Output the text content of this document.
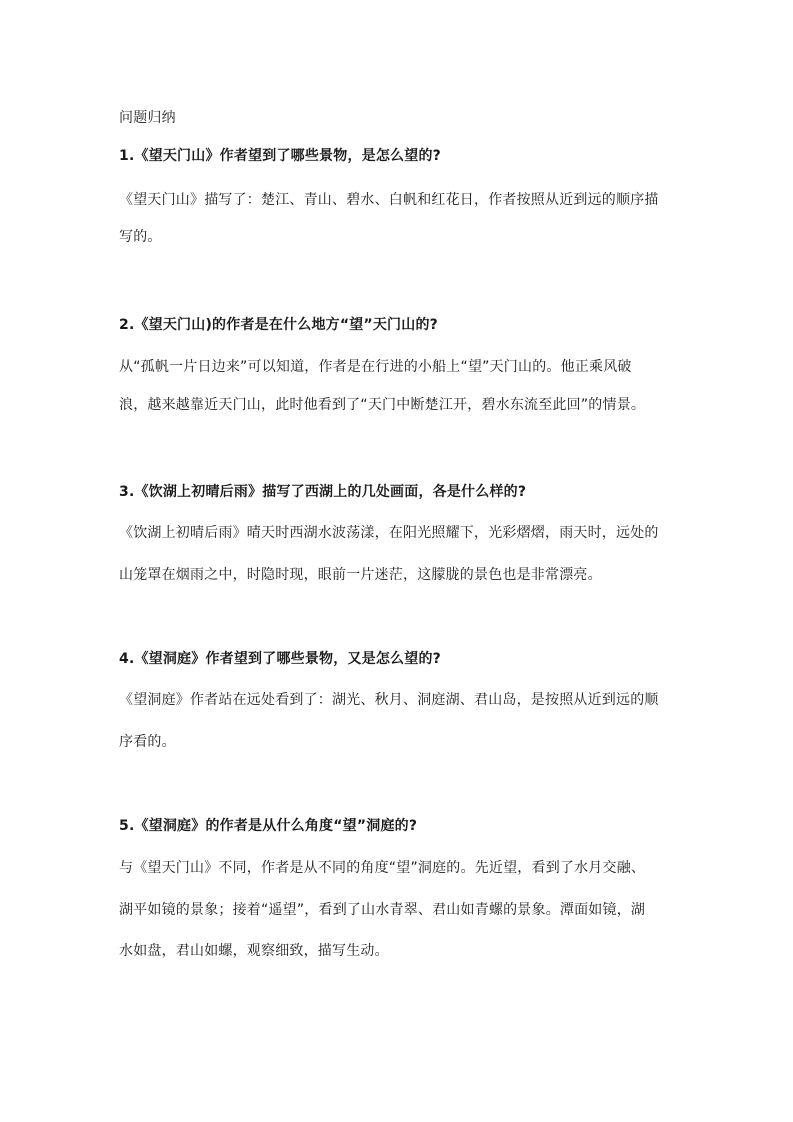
问题归纳
1.《望天门山》作者望到了哪些景物，是怎么望的?
《望天门山》描写了：楚江、青山、碧水、白帆和红花日，作者按照从近到远的顺序描
写的。
2.《望天门山)的作者是在什么地方“望”天门山的?
从“孤帆一片日边来”可以知道，作者是在行进的小船上“望”天门山的。他正乘风破
浪，越来越靠近天门山，此时他看到了“天门中断楚江开，碧水东流至此回”的情景。
3.《饮湖上初晴后雨》描写了西湖上的几处画面，各是什么样的?
《饮湖上初晴后雨》晴天时西湖水波荡漾，在阳光照耀下，光彩熠熠，雨天时，远处的
山笼罩在烟雨之中，时隐时现，眼前一片迷茫，这朦胧的景色也是非常漂亮。
4.《望洞庭》作者望到了哪些景物，又是怎么望的?
《望洞庭》作者站在远处看到了：湖光、秋月、洞庭湖、君山岛，是按照从近到远的顺
序看的。
5.《望洞庭》的作者是从什么角度“望”洞庭的?
与《望天门山》不同，作者是从不同的角度“望”洞庭的。先近望，看到了水月交融、
湖平如镜的景象；接着“遥望”，看到了山水青翠、君山如青螺的景象。潭面如镜，湖
水如盘，君山如螺，观察细致，描写生动。
